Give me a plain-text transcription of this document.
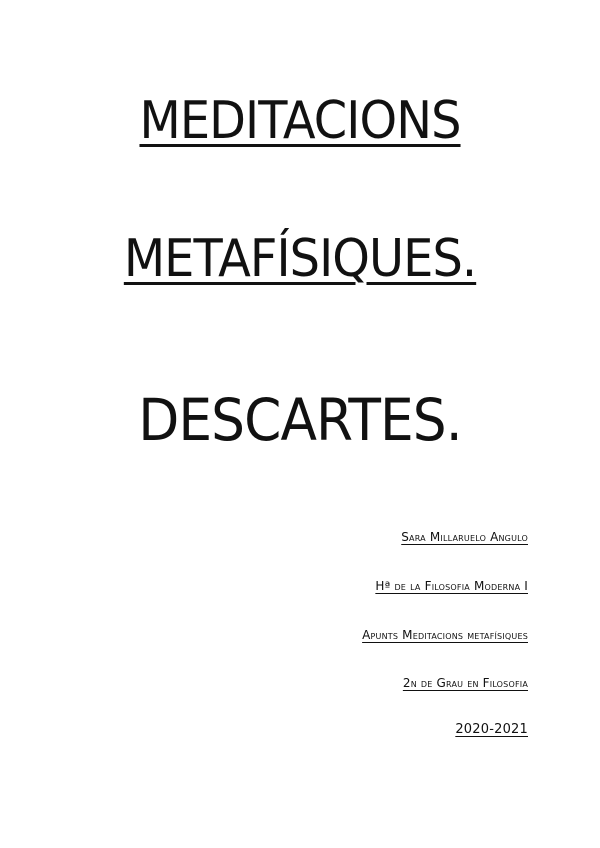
MEDITACIONS
METAFÍSIQUES.
DESCARTES.
Sara Millaruelo Angulo
Hª de la Filosofia Moderna I
Apunts Meditacions metafísiques
2n de Grau en Filosofia
2020-2021
